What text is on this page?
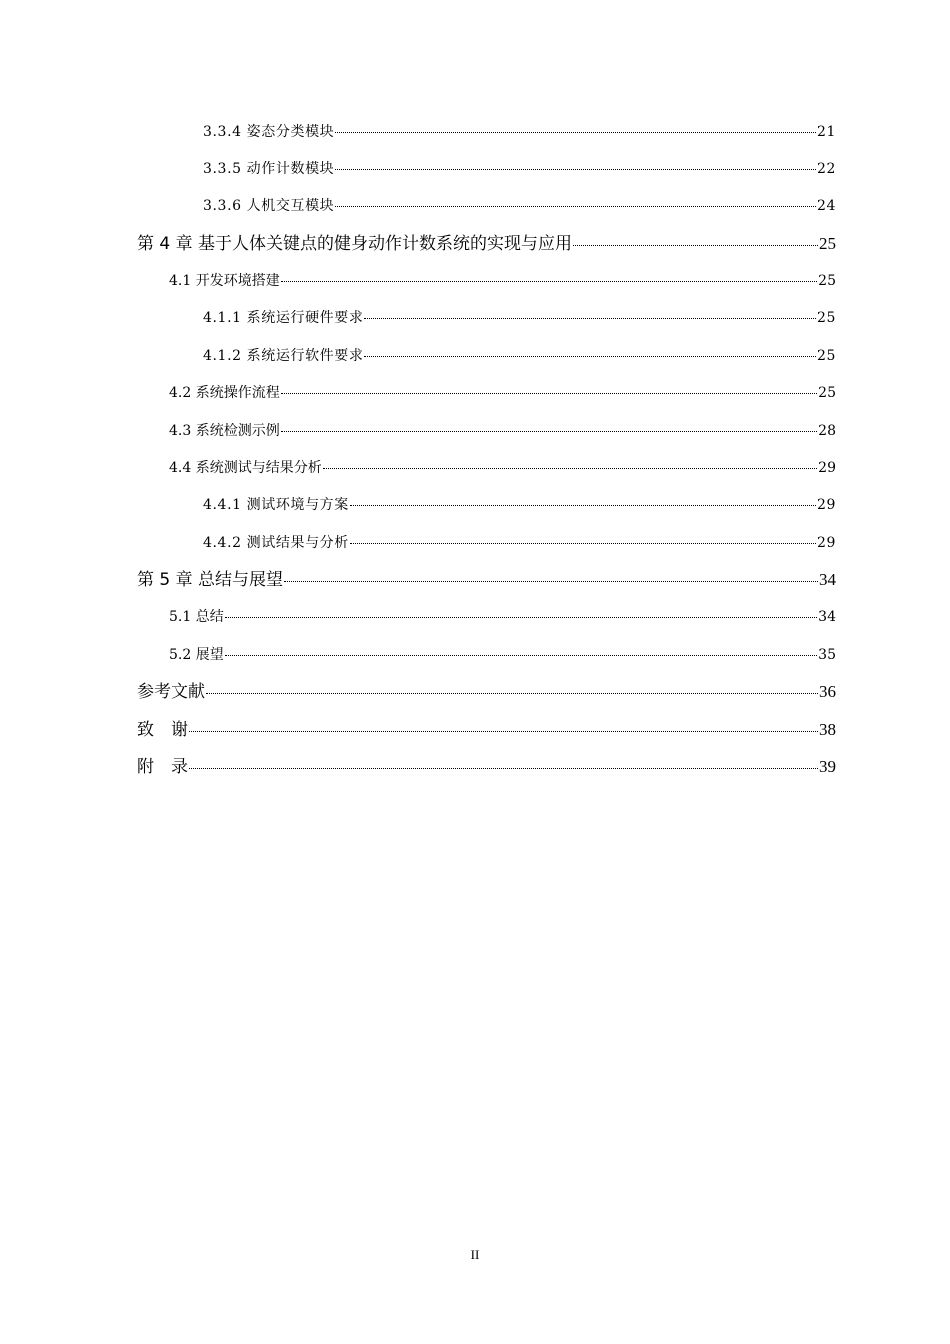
3.3.4 姿态分类模块	21
3.3.5 动作计数模块	22
3.3.6 人机交互模块	24
第 4 章 基于人体关键点的健身动作计数系统的实现与应用	25
4.1 开发环境搭建	25
4.1.1 系统运行硬件要求	25
4.1.2 系统运行软件要求	25
4.2 系统操作流程	25
4.3 系统检测示例	28
4.4 系统测试与结果分析	29
4.4.1 测试环境与方案	29
4.4.2 测试结果与分析	29
第 5 章 总结与展望	34
5.1 总结	34
5.2 展望	35
参考文献	36
致　谢	38
附　录	39
II
